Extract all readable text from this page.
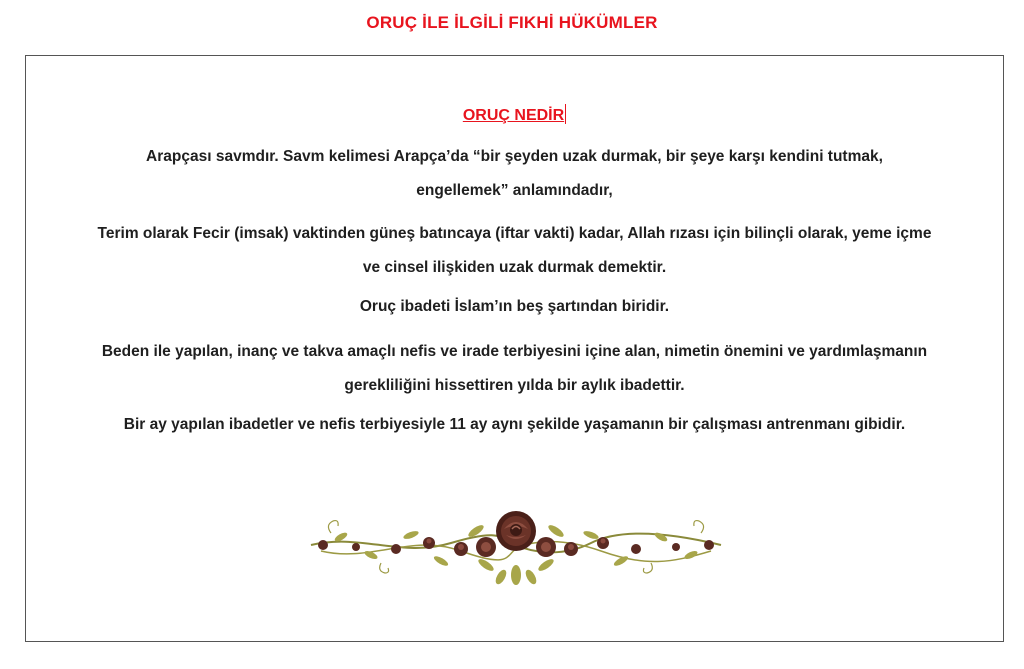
ORUÇ İLE İLGİLİ FIKHİ HÜKÜMLER
ORUÇ NEDİR
Arapçası savmdır. Savm kelimesi Arapça’da “bir şeyden uzak durmak, bir şeye karşı kendini tutmak,
engellemek” anlamındadır,
Terim olarak Fecir (imsak) vaktinden güneş batıncaya (iftar vakti) kadar, Allah rızası için bilinçli olarak, yeme içme
ve cinsel ilişkiden uzak durmak demektir.
Oruç ibadeti İslam’ın beş şartından biridir.
Beden ile yapılan, inanç ve takva amaçlı nefis ve irade terbiyesini içine alan, nimetin önemini ve yardımlaşmanın
gerekliliğini hissettiren yılda bir aylık ibadettir.
Bir ay yapılan ibadetler ve nefis terbiyesiyle 11 ay aynı şekilde yaşamanın bir çalışması antrenmanı gibidir.
